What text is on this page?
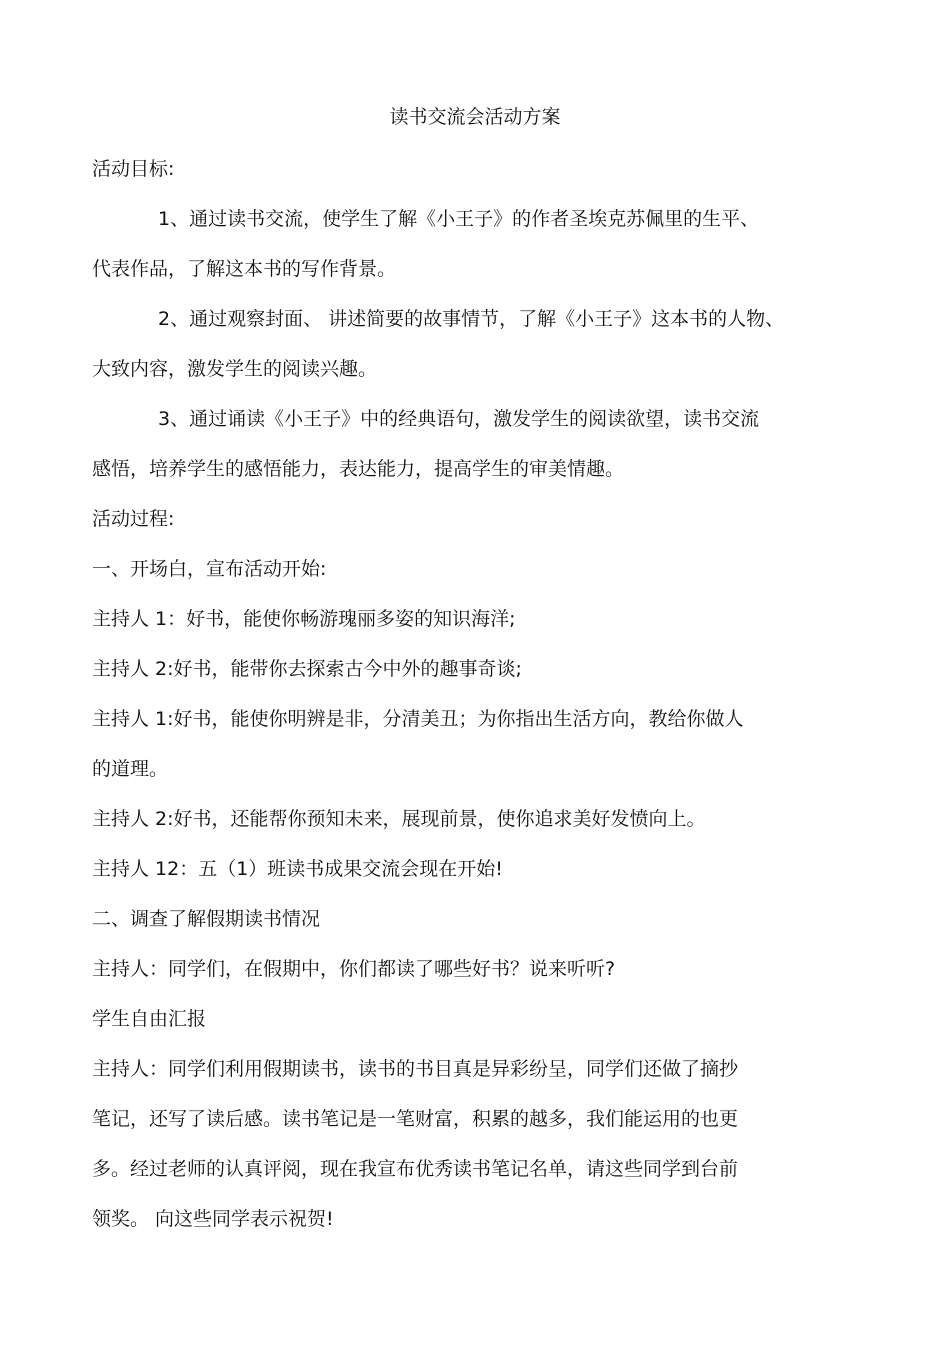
读书交流会活动方案
活动目标:
1、通过读书交流，使学生了解《小王子》的作者圣埃克苏佩里的生平、
代表作品，了解这本书的写作背景。
2、通过观察封面、 讲述简要的故事情节，了解《小王子》这本书的人物、
大致内容，激发学生的阅读兴趣。
3、通过诵读《小王子》中的经典语句，激发学生的阅读欲望，读书交流
感悟，培养学生的感悟能力，表达能力，提高学生的审美情趣。
活动过程:
一、开场白，宣布活动开始:
主持人 1：好书，能使你畅游瑰丽多姿的知识海洋;
主持人 2:好书，能带你去探索古今中外的趣事奇谈;
主持人 1:好书，能使你明辨是非，分清美丑；为你指出生活方向，教给你做人
的道理。
主持人 2:好书，还能帮你预知未来，展现前景，使你追求美好发愤向上。
主持人 12：五（1）班读书成果交流会现在开始!
二、调查了解假期读书情况
主持人：同学们，在假期中，你们都读了哪些好书？说来听听?
学生自由汇报
主持人：同学们利用假期读书，读书的书目真是异彩纷呈，同学们还做了摘抄
笔记，还写了读后感。读书笔记是一笔财富，积累的越多，我们能运用的也更
多。经过老师的认真评阅，现在我宣布优秀读书笔记名单，请这些同学到台前
领奖。 向这些同学表示祝贺!
